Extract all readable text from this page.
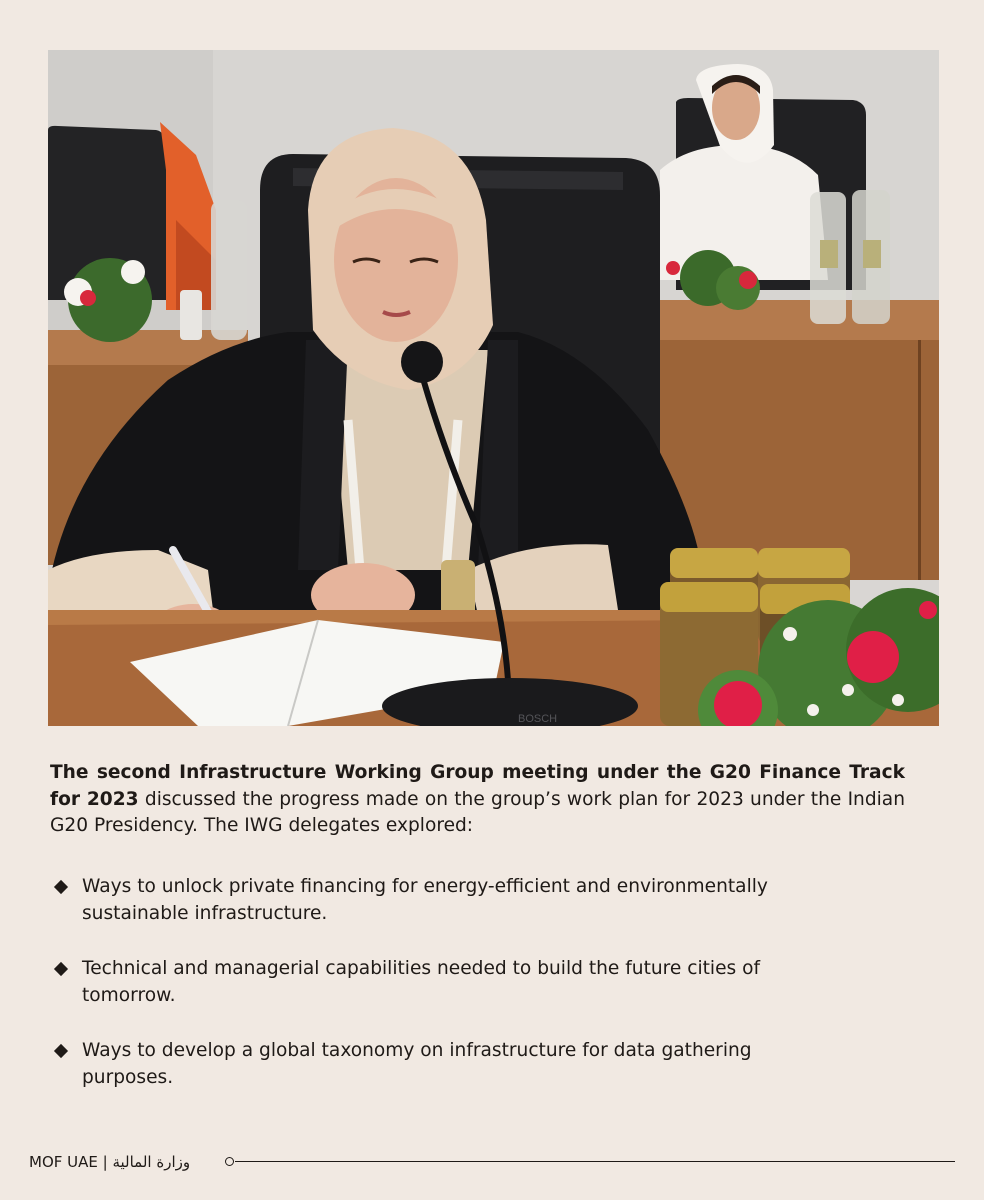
BOSCH

The second Infrastructure Working Group meeting under the G20 Finance Track for 2023 discussed the progress made on the group’s work plan for 2023 under the Indian G20 Presidency. The IWG delegates explored:

Ways to unlock private financing for energy-efficient and environmentally sustainable infrastructure.
Technical and managerial capabilities needed to build the future cities of tomorrow.
Ways to develop a global taxonomy on infrastructure for data gathering purposes.
MOF UAE | وزارة المالية
